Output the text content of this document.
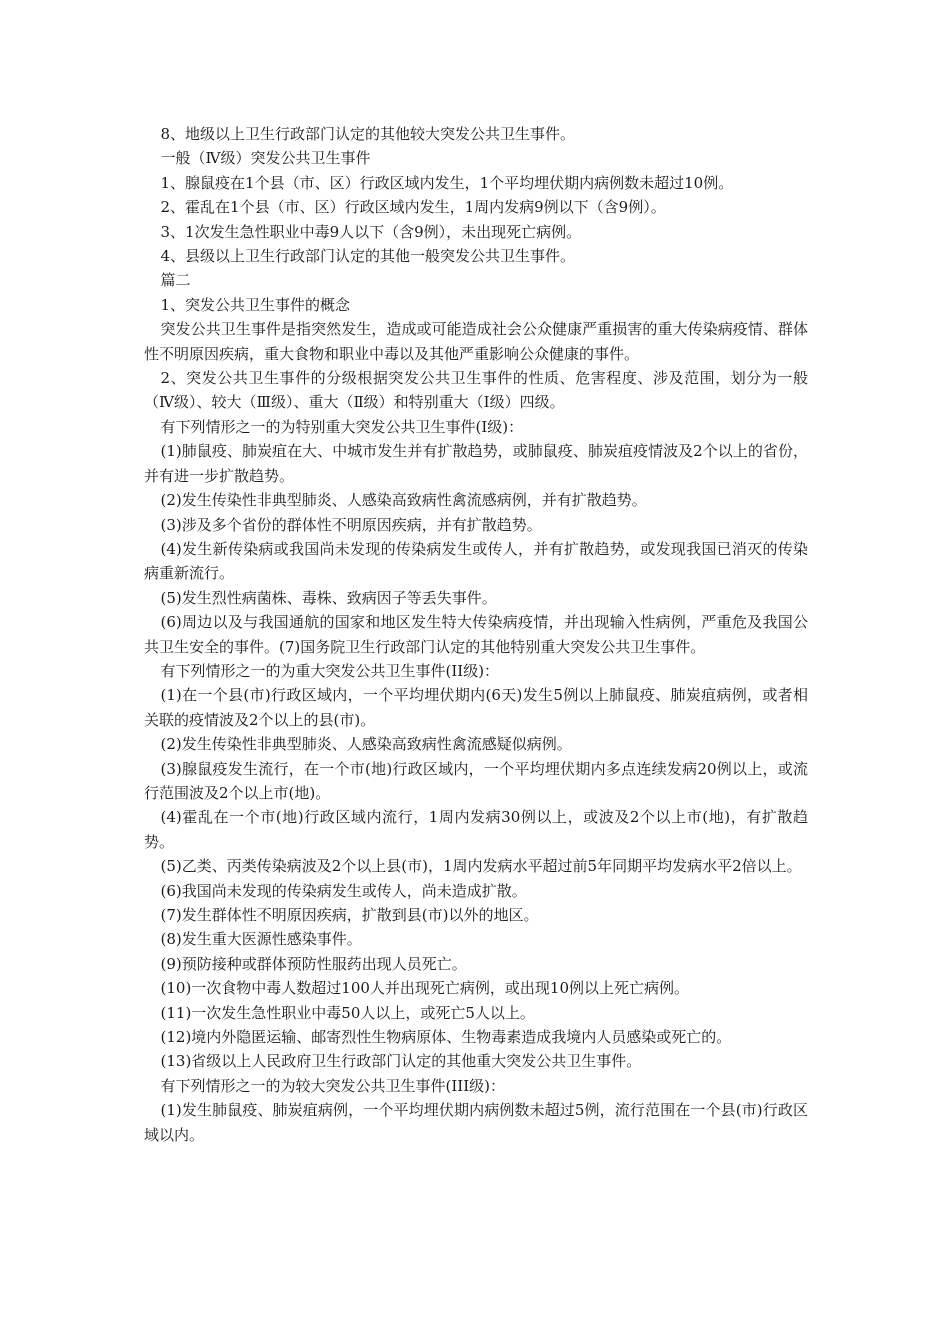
8、地级以上卫生行政部门认定的其他较大突发公共卫生事件。

一般（Ⅳ级）突发公共卫生事件

1、腺鼠疫在1个县（市、区）行政区域内发生，1个平均埋伏期内病例数未超过10例。

2、霍乱在1个县（市、区）行政区域内发生，1周内发病9例以下（含9例）。

3、1次发生急性职业中毒9人以下（含9例），未出现死亡病例。

4、县级以上卫生行政部门认定的其他一般突发公共卫生事件。

篇二

1、突发公共卫生事件的概念

突发公共卫生事件是指突然发生，造成或可能造成社会公众健康严重损害的重大传染病疫情、群体性不明原因疾病，重大食物和职业中毒以及其他严重影响公众健康的事件。

2、突发公共卫生事件的分级根据突发公共卫生事件的性质、危害程度、涉及范围，划分为一般（Ⅳ级）、较大（Ⅲ级）、重大（Ⅱ级）和特别重大（Ⅰ级）四级。

有下列情形之一的为特别重大突发公共卫生事件(Ⅰ级)：

(1)肺鼠疫、肺炭疽在大、中城市发生并有扩散趋势，或肺鼠疫、肺炭疽疫情波及2个以上的省份，并有进一步扩散趋势。

(2)发生传染性非典型肺炎、人感染高致病性禽流感病例，并有扩散趋势。

(3)涉及多个省份的群体性不明原因疾病，并有扩散趋势。

(4)发生新传染病或我国尚未发现的传染病发生或传人，并有扩散趋势，或发现我国已消灭的传染病重新流行。

(5)发生烈性病菌株、毒株、致病因子等丢失事件。

(6)周边以及与我国通航的国家和地区发生特大传染病疫情，并出现输入性病例，严重危及我国公共卫生安全的事件。(7)国务院卫生行政部门认定的其他特别重大突发公共卫生事件。

有下列情形之一的为重大突发公共卫生事件(II级)：

(1)在一个县(市)行政区域内，一个平均埋伏期内(6天)发生5例以上肺鼠疫、肺炭疽病例，或者相关联的疫情波及2个以上的县(市)。

(2)发生传染性非典型肺炎、人感染高致病性禽流感疑似病例。

(3)腺鼠疫发生流行，在一个市(地)行政区域内，一个平均埋伏期内多点连续发病20例以上，或流行范围波及2个以上市(地)。

(4)霍乱在一个市(地)行政区域内流行，1周内发病30例以上，或波及2个以上市(地)，有扩散趋势。

(5)乙类、丙类传染病波及2个以上县(市)，1周内发病水平超过前5年同期平均发病水平2倍以上。

(6)我国尚未发现的传染病发生或传人，尚未造成扩散。

(7)发生群体性不明原因疾病，扩散到县(市)以外的地区。

(8)发生重大医源性感染事件。

(9)预防接种或群体预防性服药出现人员死亡。

(10)一次食物中毒人数超过100人并出现死亡病例，或出现10例以上死亡病例。

(11)一次发生急性职业中毒50人以上，或死亡5人以上。

(12)境内外隐匿运输、邮寄烈性生物病原体、生物毒素造成我境内人员感染或死亡的。

(13)省级以上人民政府卫生行政部门认定的其他重大突发公共卫生事件。

有下列情形之一的为较大突发公共卫生事件(III级)：

(1)发生肺鼠疫、肺炭疽病例，一个平均埋伏期内病例数未超过5例，流行范围在一个县(市)行政区域以内。
